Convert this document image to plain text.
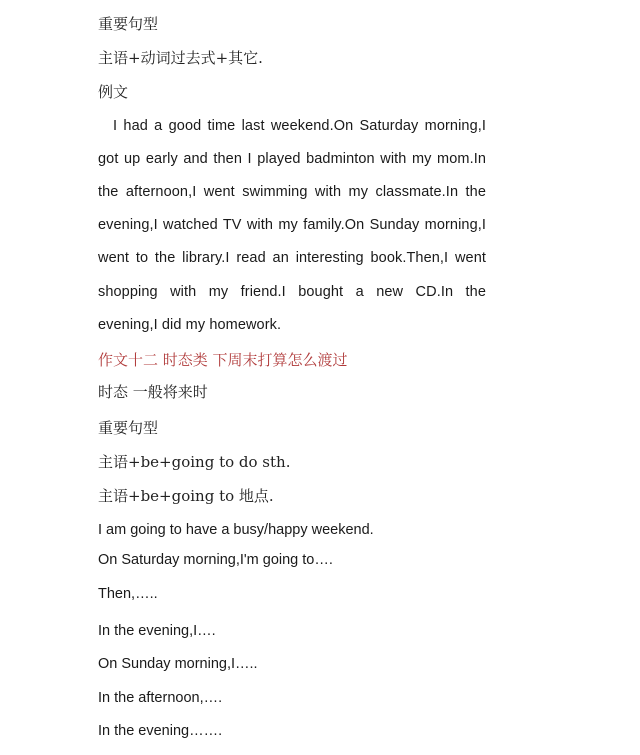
重要句型
主语+动词过去式+其它.
例文
I had a good time last weekend.On Saturday morning,I
got up early and then I played badminton with my mom.In
the afternoon,I went swimming with my classmate.In the
evening,I watched TV with my family.On Sunday morning,I
went to the library.I read an interesting book.Then,I went
shopping with my friend.I bought a new CD.In the
evening,I did my homework.
作文十二 时态类 下周末打算怎么渡过
时态 一般将来时
重要句型
主语+be+going to do sth.
主语+be+going to 地点.
I am going to have a busy/happy weekend.
On Saturday morning,I'm going to….
Then,…..
In the evening,I….
On Sunday morning,I…..
In the afternoon,….
In the evening…….
